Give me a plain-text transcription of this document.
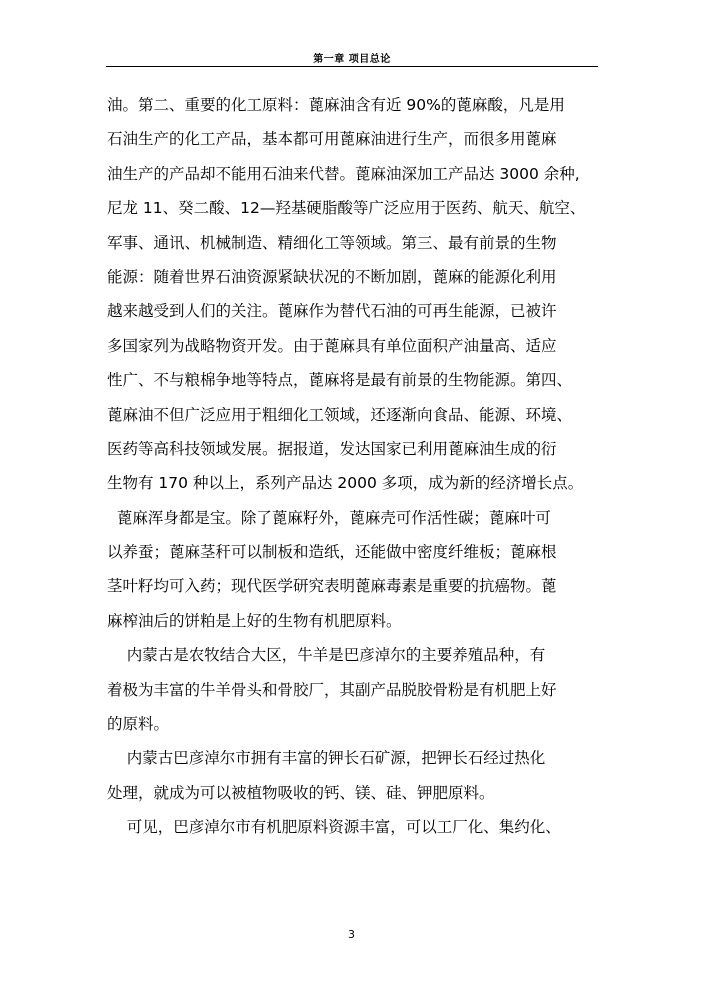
第一章 项目总论
油。第二、重要的化工原料：蓖麻油含有近 90%的蓖麻酸，凡是用
石油生产的化工产品，基本都可用蓖麻油进行生产，而很多用蓖麻
油生产的产品却不能用石油来代替。蓖麻油深加工产品达 3000 余种,
尼龙 11、癸二酸、12—羟基硬脂酸等广泛应用于医药、航天、航空、
军事、通讯、机械制造、精细化工等领域。第三、最有前景的生物
能源：随着世界石油资源紧缺状况的不断加剧，蓖麻的能源化利用
越来越受到人们的关注。蓖麻作为替代石油的可再生能源，已被许
多国家列为战略物资开发。由于蓖麻具有单位面积产油量高、适应
性广、不与粮棉争地等特点，蓖麻将是最有前景的生物能源。第四、
蓖麻油不但广泛应用于粗细化工领域，还逐渐向食品、能源、环境、
医药等高科技领域发展。据报道，发达国家已利用蓖麻油生成的衍
生物有 170 种以上，系列产品达 2000 多项，成为新的经济增长点。
蓖麻浑身都是宝。除了蓖麻籽外，蓖麻壳可作活性碳；蓖麻叶可
以养蚕；蓖麻茎秆可以制板和造纸，还能做中密度纤维板；蓖麻根
茎叶籽均可入药；现代医学研究表明蓖麻毒素是重要的抗癌物。蓖
麻榨油后的饼粕是上好的生物有机肥原料。
内蒙古是农牧结合大区，牛羊是巴彦淖尔的主要养殖品种，有
着极为丰富的牛羊骨头和骨胶厂，其副产品脱胶骨粉是有机肥上好
的原料。
内蒙古巴彦淖尔市拥有丰富的钾长石矿源，把钾长石经过热化
处理，就成为可以被植物吸收的钙、镁、硅、钾肥原料。
可见，巴彦淖尔市有机肥原料资源丰富，可以工厂化、集约化、
3
